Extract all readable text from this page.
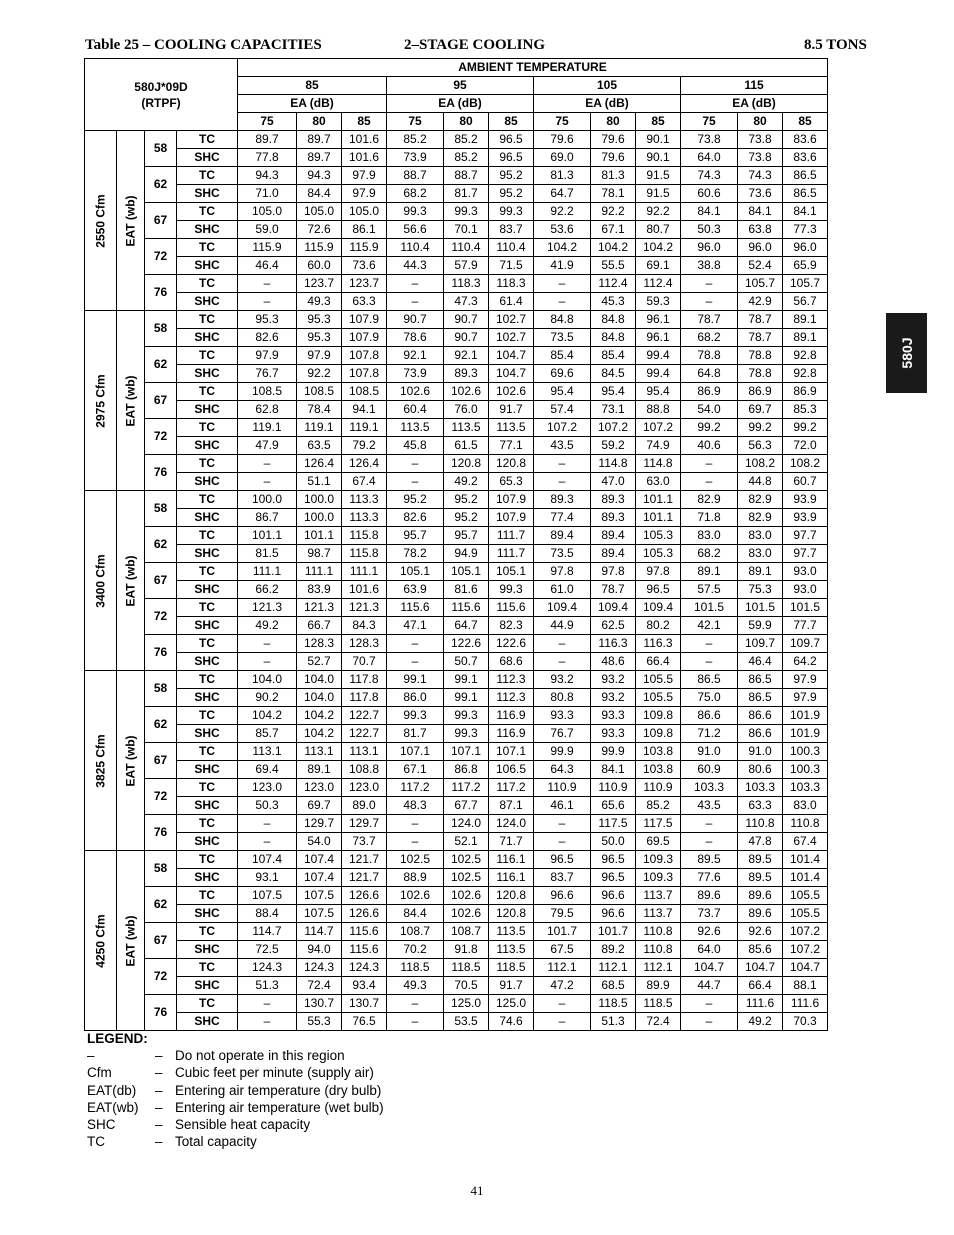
Table 25 – COOLING CAPACITIES	2–STAGE COOLING	8.5 TONS
580J
580J*09D
(RTPF)				AMBIENT TEMPERATURE											
				85			95			105			115		
				EA (dB)			EA (dB)			EA (dB)			EA (dB)		
				75	80	85	75	80	85	75	80	85	75	80	85

2550 Cfm	EAT (wb)	58	TC	89.7	89.7	101.6	85.2	85.2	96.5	79.6	79.6	90.1	73.8	73.8	83.6
			SHC	77.8	89.7	101.6	73.9	85.2	96.5	69.0	79.6	90.1	64.0	73.8	83.6
		62	TC	94.3	94.3	97.9	88.7	88.7	95.2	81.3	81.3	91.5	74.3	74.3	86.5
			SHC	71.0	84.4	97.9	68.2	81.7	95.2	64.7	78.1	91.5	60.6	73.6	86.5
		67	TC	105.0	105.0	105.0	99.3	99.3	99.3	92.2	92.2	92.2	84.1	84.1	84.1
			SHC	59.0	72.6	86.1	56.6	70.1	83.7	53.6	67.1	80.7	50.3	63.8	77.3
		72	TC	115.9	115.9	115.9	110.4	110.4	110.4	104.2	104.2	104.2	96.0	96.0	96.0
			SHC	46.4	60.0	73.6	44.3	57.9	71.5	41.9	55.5	69.1	38.8	52.4	65.9
		76	TC	–	123.7	123.7	–	118.3	118.3	–	112.4	112.4	–	105.7	105.7
			SHC	–	49.3	63.3	–	47.3	61.4	–	45.3	59.3	–	42.9	56.7

2975 Cfm	EAT (wb)	58	TC	95.3	95.3	107.9	90.7	90.7	102.7	84.8	84.8	96.1	78.7	78.7	89.1
			SHC	82.6	95.3	107.9	78.6	90.7	102.7	73.5	84.8	96.1	68.2	78.7	89.1
		62	TC	97.9	97.9	107.8	92.1	92.1	104.7	85.4	85.4	99.4	78.8	78.8	92.8
			SHC	76.7	92.2	107.8	73.9	89.3	104.7	69.6	84.5	99.4	64.8	78.8	92.8
		67	TC	108.5	108.5	108.5	102.6	102.6	102.6	95.4	95.4	95.4	86.9	86.9	86.9
			SHC	62.8	78.4	94.1	60.4	76.0	91.7	57.4	73.1	88.8	54.0	69.7	85.3
		72	TC	119.1	119.1	119.1	113.5	113.5	113.5	107.2	107.2	107.2	99.2	99.2	99.2
			SHC	47.9	63.5	79.2	45.8	61.5	77.1	43.5	59.2	74.9	40.6	56.3	72.0
		76	TC	–	126.4	126.4	–	120.8	120.8	–	114.8	114.8	–	108.2	108.2
			SHC	–	51.1	67.4	–	49.2	65.3	–	47.0	63.0	–	44.8	60.7

3400 Cfm	EAT (wb)	58	TC	100.0	100.0	113.3	95.2	95.2	107.9	89.3	89.3	101.1	82.9	82.9	93.9
			SHC	86.7	100.0	113.3	82.6	95.2	107.9	77.4	89.3	101.1	71.8	82.9	93.9
		62	TC	101.1	101.1	115.8	95.7	95.7	111.7	89.4	89.4	105.3	83.0	83.0	97.7
			SHC	81.5	98.7	115.8	78.2	94.9	111.7	73.5	89.4	105.3	68.2	83.0	97.7
		67	TC	111.1	111.1	111.1	105.1	105.1	105.1	97.8	97.8	97.8	89.1	89.1	93.0
			SHC	66.2	83.9	101.6	63.9	81.6	99.3	61.0	78.7	96.5	57.5	75.3	93.0
		72	TC	121.3	121.3	121.3	115.6	115.6	115.6	109.4	109.4	109.4	101.5	101.5	101.5
			SHC	49.2	66.7	84.3	47.1	64.7	82.3	44.9	62.5	80.2	42.1	59.9	77.7
		76	TC	–	128.3	128.3	–	122.6	122.6	–	116.3	116.3	–	109.7	109.7
			SHC	–	52.7	70.7	–	50.7	68.6	–	48.6	66.4	–	46.4	64.2

3825 Cfm	EAT (wb)	58	TC	104.0	104.0	117.8	99.1	99.1	112.3	93.2	93.2	105.5	86.5	86.5	97.9
			SHC	90.2	104.0	117.8	86.0	99.1	112.3	80.8	93.2	105.5	75.0	86.5	97.9
		62	TC	104.2	104.2	122.7	99.3	99.3	116.9	93.3	93.3	109.8	86.6	86.6	101.9
			SHC	85.7	104.2	122.7	81.7	99.3	116.9	76.7	93.3	109.8	71.2	86.6	101.9
		67	TC	113.1	113.1	113.1	107.1	107.1	107.1	99.9	99.9	103.8	91.0	91.0	100.3
			SHC	69.4	89.1	108.8	67.1	86.8	106.5	64.3	84.1	103.8	60.9	80.6	100.3
		72	TC	123.0	123.0	123.0	117.2	117.2	117.2	110.9	110.9	110.9	103.3	103.3	103.3
			SHC	50.3	69.7	89.0	48.3	67.7	87.1	46.1	65.6	85.2	43.5	63.3	83.0
		76	TC	–	129.7	129.7	–	124.0	124.0	–	117.5	117.5	–	110.8	110.8
			SHC	–	54.0	73.7	–	52.1	71.7	–	50.0	69.5	–	47.8	67.4

4250 Cfm	EAT (wb)	58	TC	107.4	107.4	121.7	102.5	102.5	116.1	96.5	96.5	109.3	89.5	89.5	101.4
			SHC	93.1	107.4	121.7	88.9	102.5	116.1	83.7	96.5	109.3	77.6	89.5	101.4
		62	TC	107.5	107.5	126.6	102.6	102.6	120.8	96.6	96.6	113.7	89.6	89.6	105.5
			SHC	88.4	107.5	126.6	84.4	102.6	120.8	79.5	96.6	113.7	73.7	89.6	105.5
		67	TC	114.7	114.7	115.6	108.7	108.7	113.5	101.7	101.7	110.8	92.6	92.6	107.2
			SHC	72.5	94.0	115.6	70.2	91.8	113.5	67.5	89.2	110.8	64.0	85.6	107.2
		72	TC	124.3	124.3	124.3	118.5	118.5	118.5	112.1	112.1	112.1	104.7	104.7	104.7
			SHC	51.3	72.4	93.4	49.3	70.5	91.7	47.2	68.5	89.9	44.7	66.4	88.1
		76	TC	–	130.7	130.7	–	125.0	125.0	–	118.5	118.5	–	111.6	111.6
			SHC	–	55.3	76.5	–	53.5	74.6	–	51.3	72.4	–	49.2	70.3
LEGEND:
–	– Do not operate in this region
Cfm	– Cubic feet per minute (supply air)
EAT(db)	– Entering air temperature (dry bulb)
EAT(wb)	– Entering air temperature (wet bulb)
SHC	– Sensible heat capacity
TC	– Total capacity
41
